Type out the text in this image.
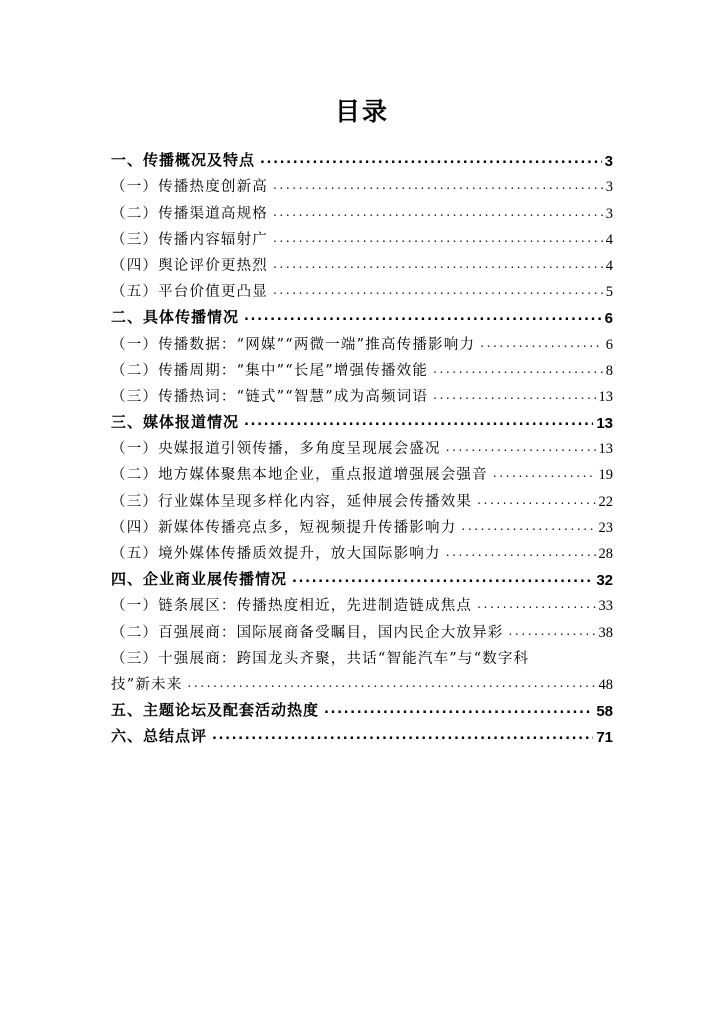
目录
一、传播概况及特点 .....	3
（一）传播热度创新高 .....	3
（二）传播渠道高规格 .....	3
（三）传播内容辐射广 .....	4
（四）舆论评价更热烈 .....	4
（五）平台价值更凸显 .....	5
二、具体传播情况 .....	6
（一）传播数据：“网媒”“两微一端”推高传播影响力 .....	6
（二）传播周期：“集中”“长尾”增强传播效能 .....	8
（三）传播热词：“链式”“智慧”成为高频词语 .....	13
三、媒体报道情况 .....	13
（一）央媒报道引领传播，多角度呈现展会盛况 .....	13
（二）地方媒体聚焦本地企业，重点报道增强展会强音 .....	19
（三）行业媒体呈现多样化内容，延伸展会传播效果 .....	22
（四）新媒体传播亮点多，短视频提升传播影响力 .....	23
（五）境外媒体传播质效提升，放大国际影响力 .....	28
四、企业商业展传播情况 .....	32
（一）链条展区：传播热度相近，先进制造链成焦点 .....	33
（二）百强展商：国际展商备受瞩目，国内民企大放异彩 .....	38
（三）十强展商：跨国龙头齐聚，共话“智能汽车”与“数字科
技”新未来 .....	48
五、主题论坛及配套活动热度 .....	58
六、总结点评 .....	71
